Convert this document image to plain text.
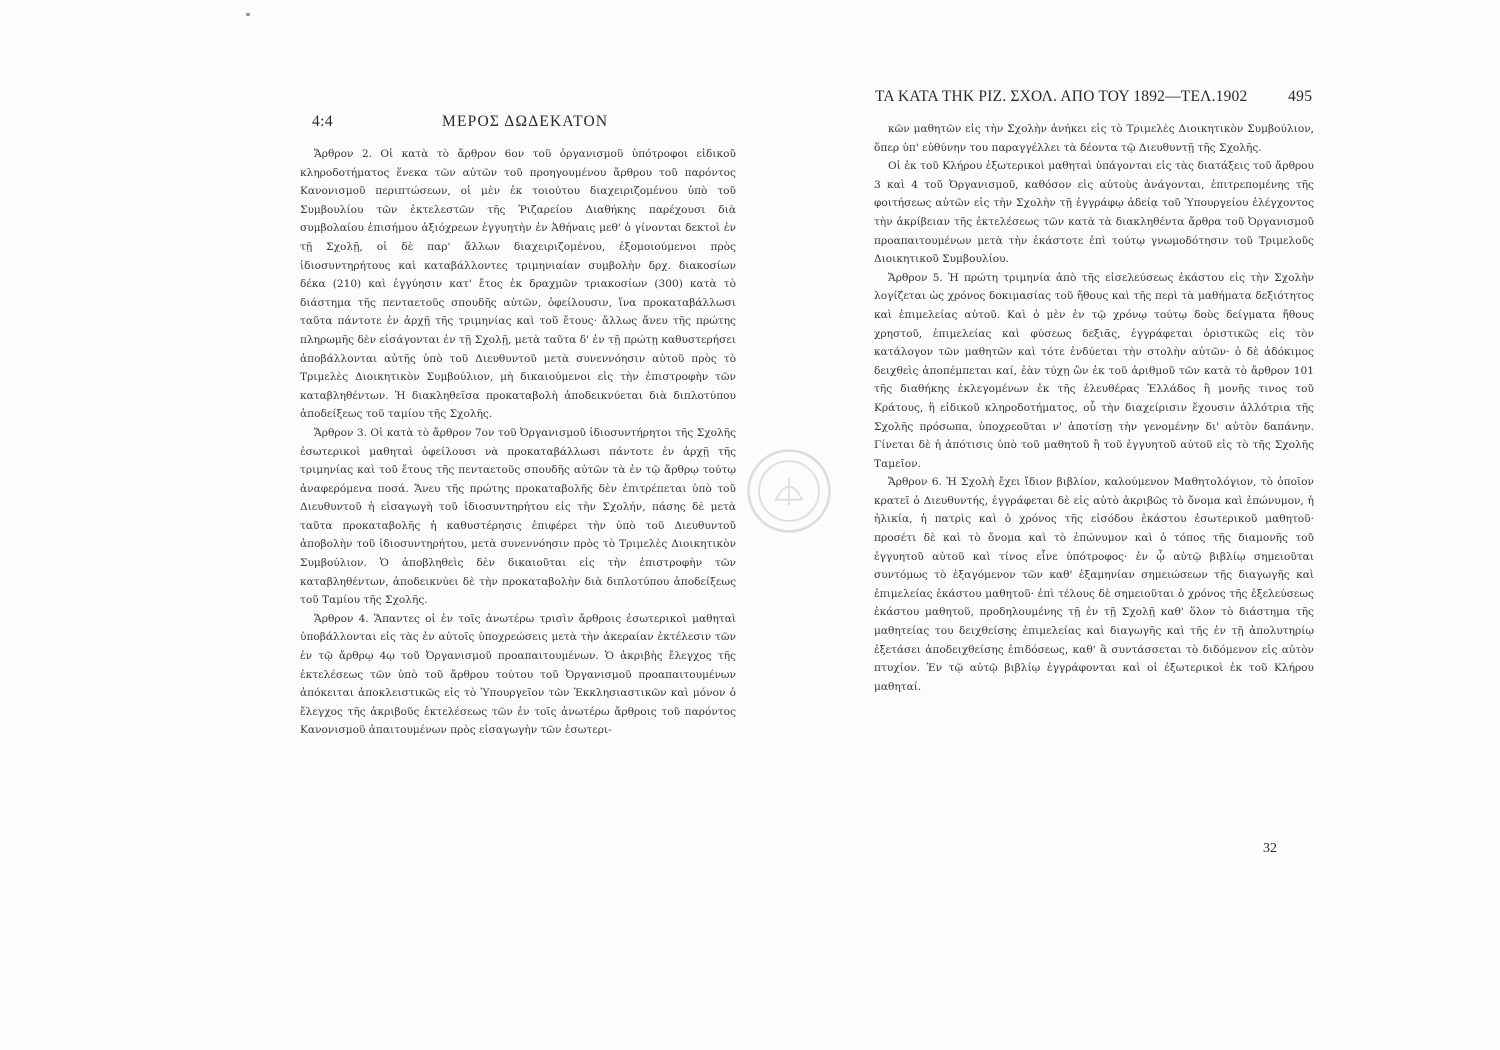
4:4	ΜΕΡΟΣ ΔΩΔΕΚΑΤΟΝ

Ἄρθρον 2. Οἱ κατὰ τὸ ἄρθρον 6ον τοῦ ὀργανισμοῦ ὑπότροφοι εἰδικοῦ κληροδοτήματος ἕνεκα τῶν αὐτῶν τοῦ προηγουμένου ἄρθρου τοῦ παρόντος Κανονισμοῦ περιπτώσεων, οἱ μὲν ἐκ τοιούτου διαχειριζομένου ὑπὸ τοῦ Συμβουλίου τῶν ἐκτελεστῶν τῆς Ῥιζαρείου Διαθήκης παρέχουσι διὰ συμβολαίου ἐπισήμου ἀξιόχρεων ἐγγυητὴν ἐν Ἀθήναις μεθ' ὁ γίνονται δεκτοὶ ἐν τῇ Σχολῇ, οἱ δὲ παρ' ἄλλων διαχειριζομένου, ἐξομοιούμενοι πρὸς ἰδιοσυντηρήτους καὶ καταβάλλοντες τριμηνιαίαν συμβολὴν δρχ. διακοσίων δέκα (210) καὶ ἐγγύησιν κατ' ἔτος ἐκ δραχμῶν τριακοσίων (300) κατὰ τὸ διάστημα τῆς πενταετοῦς σπουδῆς αὐτῶν, ὀφείλουσιν, ἵνα προκαταβάλλωσι ταῦτα πάντοτε ἐν ἀρχῇ τῆς τριμηνίας καὶ τοῦ ἔτους· ἄλλως ἄνευ τῆς πρώτης πληρωμῆς δὲν εἰσάγονται ἐν τῇ Σχολῇ, μετὰ ταῦτα δ' ἐν τῇ πρώτῃ καθυστερήσει ἀποβάλλονται αὐτῆς ὑπὸ τοῦ Διευθυντοῦ μετὰ συνεννόησιν αὐτοῦ πρὸς τὸ Τριμελὲς Διοικητικὸν Συμβούλιον, μὴ δικαιούμενοι εἰς τὴν ἐπιστροφὴν τῶν καταβληθέντων. Ἡ διακληθεῖσα προκαταβολὴ ἀποδεικνύεται διὰ διπλοτύπου ἀποδείξεως τοῦ ταμίου τῆς Σχολῆς.

Ἄρθρον 3. Οἱ κατὰ τὸ ἄρθρον 7ον τοῦ Ὀργανισμοῦ ἰδιοσυντήρητοι τῆς Σχολῆς ἐσωτερικοὶ μαθηταὶ ὀφείλουσι νὰ προκαταβάλλωσι πάντοτε ἐν ἀρχῇ τῆς τριμηνίας καὶ τοῦ ἔτους τῆς πενταετοῦς σπουδῆς αὐτῶν τὰ ἐν τῷ ἄρθρῳ τούτῳ ἀναφερόμενα ποσά. Ἄνευ τῆς πρώτης προκαταβολῆς δὲν ἐπιτρέπεται ὑπὸ τοῦ Διευθυντοῦ ἡ εἰσαγωγὴ τοῦ ἰδιοσυντηρήτου εἰς τὴν Σχολήν, πάσης δὲ μετὰ ταῦτα προκαταβολῆς ἡ καθυστέρησις ἐπιφέρει τὴν ὑπὸ τοῦ Διευθυντοῦ ἀποβολὴν τοῦ ἰδιοσυντηρήτου, μετὰ συνεννόησιν πρὸς τὸ Τριμελὲς Διοικητικὸν Συμβούλιον. Ὁ ἀποβληθεὶς δὲν δικαιοῦται εἰς τὴν ἐπιστροφὴν τῶν καταβληθέντων, ἀποδεικνύει δὲ τὴν προκαταβολὴν διὰ διπλοτύπου ἀποδείξεως τοῦ Ταμίου τῆς Σχολῆς.

Ἄρθρον 4. Ἅπαντες οἱ ἐν τοῖς ἀνωτέρω τρισὶν ἄρθροις ἐσωτερικοὶ μαθηταὶ ὑποβάλλονται εἰς τὰς ἐν αὐτοῖς ὑποχρεώσεις μετὰ τὴν ἀκεραίαν ἐκτέλεσιν τῶν ἐν τῷ ἄρθρῳ 4ῳ τοῦ Ὀργανισμοῦ προαπαιτουμένων. Ὁ ἀκριβὴς ἔλεγχος τῆς ἐκτελέσεως τῶν ὑπὸ τοῦ ἄρθρου τούτου τοῦ Ὀργανισμοῦ προαπαιτουμένων ἀπόκειται ἀποκλειστικῶς εἰς τὸ Ὑπουργεῖον τῶν Ἐκκλησιαστικῶν καὶ μόνον ὁ ἔλεγχος τῆς ἀκριβοῦς ἐκτελέσεως τῶν ἐν τοῖς ἀνωτέρω ἄρθροις τοῦ παρόντος Κανονισμοῦ ἀπαιτουμένων πρὸς εἰσαγωγὴν τῶν ἐσωτερι-

ΤΑ ΚΑΤΑ ΤΗΚ ΡΙΖ. ΣΧΟΛ. ΑΠΟ ΤΟΥ 1892—ΤΕΛ.1902	495

κῶν μαθητῶν εἰς τὴν Σχολὴν ἀνήκει εἰς τὸ Τριμελὲς Διοικητικὸν Συμβούλιον, ὅπερ ὑπ' εὐθύνην του παραγγέλλει τὰ δέοντα τῷ Διευθυντῇ τῆς Σχολῆς.

Οἱ ἐκ τοῦ Κλήρου ἐξωτερικοὶ μαθηταὶ ὑπάγονται εἰς τὰς διατάξεις τοῦ ἄρθρου 3 καὶ 4 τοῦ Ὀργανισμοῦ, καθόσον εἰς αὐτοὺς ἀνάγονται, ἐπιτρεπομένης τῆς φοιτήσεως αὐτῶν εἰς τὴν Σχολὴν τῇ ἐγγράφῳ ἀδείᾳ τοῦ Ὑπουργείου ἐλέγχοντος τὴν ἀκρίβειαν τῆς ἐκτελέσεως τῶν κατὰ τὰ διακληθέντα ἄρθρα τοῦ Ὀργανισμοῦ προαπαιτουμένων μετὰ τὴν ἑκάστοτε ἐπὶ τούτῳ γνωμοδότησιν τοῦ Τριμελοῦς Διοικητικοῦ Συμβουλίου.

Ἄρθρον 5. Ἡ πρώτη τριμηνία ἀπὸ τῆς εἰσελεύσεως ἑκάστου εἰς τὴν Σχολὴν λογίζεται ὡς χρόνος δοκιμασίας τοῦ ἤθους καὶ τῆς περὶ τὰ μαθήματα δεξιότητος καὶ ἐπιμελείας αὐτοῦ. Καὶ ὁ μὲν ἐν τῷ χρόνῳ τούτῳ δοὺς δείγματα ἤθους χρηστοῦ, ἐπιμελείας καὶ φύσεως δεξιᾶς, ἐγγράφεται ὁριστικῶς εἰς τὸν κατάλογον τῶν μαθητῶν καὶ τότε ἐνδύεται τὴν στολὴν αὐτῶν· ὁ δὲ ἀδόκιμος δειχθεὶς ἀποπέμπεται καί, ἐὰν τύχῃ ὢν ἐκ τοῦ ἀριθμοῦ τῶν κατὰ τὸ ἄρθρον 101 τῆς διαθήκης ἐκλεγομένων ἐκ τῆς ἐλευθέρας Ἑλλάδος ἢ μονῆς τινος τοῦ Κράτους, ἢ εἰδικοῦ κληροδοτήματος, οὗ τὴν διαχείρισιν ἔχουσιν ἀλλότρια τῆς Σχολῆς πρόσωπα, ὑποχρεοῦται ν' ἀποτίσῃ τὴν γενομένην δι' αὐτὸν δαπάνην. Γίνεται δὲ ἡ ἀπότισις ὑπὸ τοῦ μαθητοῦ ἢ τοῦ ἐγγυητοῦ αὐτοῦ εἰς τὸ τῆς Σχολῆς Ταμεῖον.

Ἄρθρον 6. Ἡ Σχολὴ ἔχει ἴδιον βιβλίον, καλούμενον Μαθητολόγιον, τὸ ὁποῖον κρατεῖ ὁ Διευθυντής, ἐγγράφεται δὲ εἰς αὐτὸ ἀκριβῶς τὸ ὄνομα καὶ ἐπώνυμον, ἡ ἡλικία, ἡ πατρὶς καὶ ὁ χρόνος τῆς εἰσόδου ἑκάστου ἐσωτερικοῦ μαθητοῦ· προσέτι δὲ καὶ τὸ ὄνομα καὶ τὸ ἐπώνυμον καὶ ὁ τόπος τῆς διαμονῆς τοῦ ἐγγυητοῦ αὐτοῦ καὶ τίνος εἶνε ὑπότροφος· ἐν ᾧ αὐτῷ βιβλίῳ σημειοῦται συντόμως τὸ ἐξαγόμενον τῶν καθ' ἑξαμηνίαν σημειώσεων τῆς διαγωγῆς καὶ ἐπιμελείας ἑκάστου μαθητοῦ· ἐπὶ τέλους δὲ σημειοῦται ὁ χρόνος τῆς ἐξελεύσεως ἑκάστου μαθητοῦ, προδηλουμένης τῇ ἐν τῇ Σχολῇ καθ' ὅλον τὸ διάστημα τῆς μαθητείας του δειχθείσης ἐπιμελείας καὶ διαγωγῆς καὶ τῆς ἐν τῇ ἀπολυτηρίῳ ἐξετάσει ἀποδειχθείσης ἐπιδόσεως, καθ' ἃ συντάσσεται τὸ διδόμενον εἰς αὐτὸν πτυχίον. Ἐν τῷ αὐτῷ βιβλίῳ ἐγγράφονται καὶ οἱ ἐξωτερικοὶ ἐκ τοῦ Κλήρου μαθηταί.

32
